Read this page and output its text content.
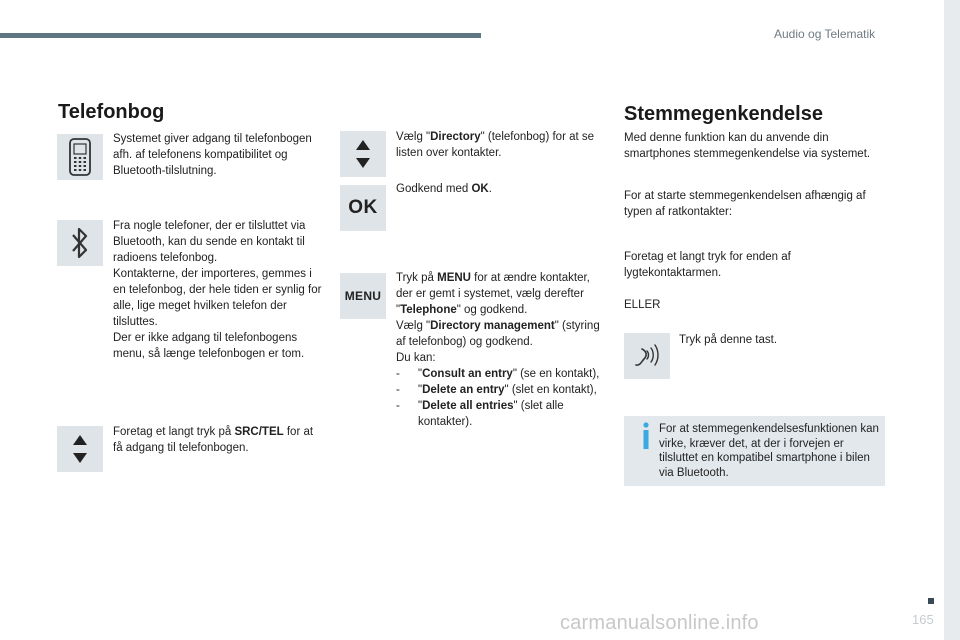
Audio og Telematik
Telefonbog

Systemet giver adgang til telefonbogen afh. af telefonens kompatibilitet og Bluetooth-tilslutning.

Fra nogle telefoner, der er tilsluttet via Bluetooth, kan du sende en kontakt til radioens telefonbog.

Kontakterne, der importeres, gemmes i en telefonbog, der hele tiden er synlig for alle, lige meget hvilken telefon der tilsluttes.

Der er ikke adgang til telefonbogens menu, så længe telefonbogen er tom.

Foretag et langt tryk på SRC/TEL for at få adgang til telefonbogen.

Vælg "Directory" (telefonbog) for at se listen over kontakter.

OK

Godkend med OK.

MENU

Tryk på MENU for at ændre kontakter, der er gemt i systemet, vælg derefter "Telephone" og godkend.

Vælg "Directory management" (styring af telefonbog) og godkend.

Du kan:

- "Consult an entry" (se en kontakt),

- "Delete an entry" (slet en kontakt),

- "Delete all entries" (slet alle kontakter).

Stemmegenkendelse

Med denne funktion kan du anvende din smartphones stemmegenkendelse via systemet.

For at starte stemmegenkendelsen afhængig af typen af ratkontakter:

Foretag et langt tryk for enden af lygtekontaktarmen.

ELLER

Tryk på denne tast.

For at stemmegenkendelsesfunktionen kan virke, kræver det, at der i forvejen er tilsluttet en kompatibel smartphone i bilen via Bluetooth.
165
carmanualsonline.info
